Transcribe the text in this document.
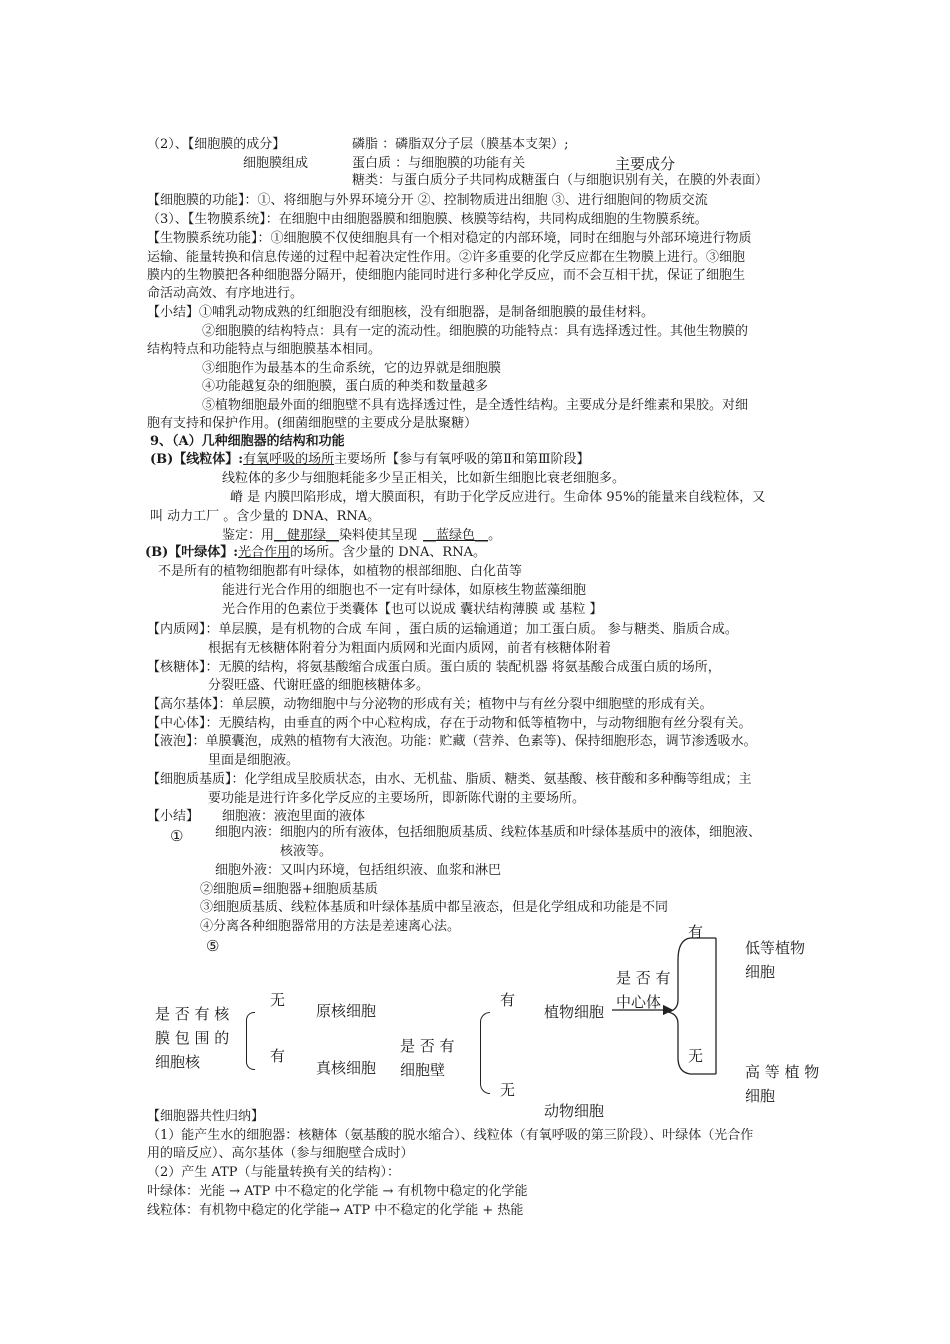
（2）、【细胞膜的成分】	磷脂 ：磷脂双分子层（膜基本支架）;
细胞膜组成	蛋白质 ：与细胞膜的功能有关	主要成分
糖类：与蛋白质分子共同构成糖蛋白（与细胞识别有关，在膜的外表面）
【细胞膜的功能】：①、将细胞与外界环境分开 ②、控制物质进出细胞 ③、进行细胞间的物质交流
（3）、【生物膜系统】：在细胞中由细胞器膜和细胞膜、核膜等结构，共同构成细胞的生物膜系统。
【生物膜系统功能】：①细胞膜不仅使细胞具有一个相对稳定的内部环境，同时在细胞与外部环境进行物质
运输、能量转换和信息传递的过程中起着决定性作用。②许多重要的化学反应都在生物膜上进行。③细胞
膜内的生物膜把各种细胞器分隔开，使细胞内能同时进行多种化学反应，而不会互相干扰，保证了细胞生
命活动高效、有序地进行。
【小结】①哺乳动物成熟的红细胞没有细胞核，没有细胞器，是制备细胞膜的最佳材料。
②细胞膜的结构特点：具有一定的流动性。细胞膜的功能特点：具有选择透过性。其他生物膜的
结构特点和功能特点与细胞膜基本相同。
③细胞作为最基本的生命系统，它的边界就是细胞膜
④功能越复杂的细胞膜，蛋白质的种类和数量越多
⑤植物细胞最外面的细胞壁不具有选择透过性，是全透性结构。主要成分是纤维素和果胶。对细
胞有支持和保护作用。(细菌细胞壁的主要成分是肽聚糖）
9、（A）几种细胞器的结构和功能
(B)【线粒体】:有氧呼吸的场所主要场所【参与有氧呼吸的第Ⅱ和第Ⅲ阶段】
线粒体的多少与细胞耗能多少呈正相关，比如新生细胞比衰老细胞多。
嵴 是 内膜凹陷形成，增大膜面积，有助于化学反应进行。生命体 95%的能量来自线粒体，又
叫 动力工厂 。含少量的 DNA、RNA。
鉴定：用__健那绿__染料使其呈现 __蓝绿色__。
(B)【叶绿体】:光合作用的场所。含少量的 DNA、RNA。
不是所有的植物细胞都有叶绿体，如植物的根部细胞、白化苗等
能进行光合作用的细胞也不一定有叶绿体，如原核生物蓝藻细胞
光合作用的色素位于类囊体【也可以说成 囊状结构薄膜 或 基粒 】
【内质网】：单层膜，是有机物的合成 车间 ，蛋白质的运输通道；加工蛋白质。 参与糖类、脂质合成。
根据有无核糖体附着分为粗面内质网和光面内质网，前者有核糖体附着
【核糖体】：无膜的结构，将氨基酸缩合成蛋白质。蛋白质的 装配机器 将氨基酸合成蛋白质的场所，
分裂旺盛、代谢旺盛的细胞核糖体多。
【高尔基体】：单层膜，动物细胞中与分泌物的形成有关；植物中与有丝分裂中细胞壁的形成有关。
【中心体】：无膜结构，由垂直的两个中心粒构成，存在于动物和低等植物中，与动物细胞有丝分裂有关。
【液泡】：单膜囊泡，成熟的植物有大液泡。功能：贮藏（营养、色素等)、保持细胞形态，调节渗透吸水。
里面是细胞液。
【细胞质基质】：化学组成呈胶质状态，由水、无机盐、脂质、糖类、氨基酸、核苷酸和多种酶等组成；主
要功能是进行许多化学反应的主要场所，即新陈代谢的主要场所。
【小结】 细胞液：液泡里面的液体
① 细胞内液：细胞内的所有液体，包括细胞质基质、线粒体基质和叶绿体基质中的液体，细胞液、
核液等。
细胞外液：又叫内环境，包括组织液、血浆和淋巴
②细胞质=细胞器+细胞质基质
③细胞质基质、线粒体基质和叶绿体基质中都呈液态，但是化学组成和功能是不同
④分离各种细胞器常用的方法是差速离心法。
⑤
是 否 有 核
膜 包 围 的
细胞核
无
原核细胞
有
真核细胞
是 否 有
细胞壁
有
植物细胞
无
动物细胞
是 否 有
中心体
有
无
低等植物
细胞
高 等 植 物
细胞
【细胞器共性归纳】
（1）能产生水的细胞器：核糖体（氨基酸的脱水缩合）、线粒体（有氧呼吸的第三阶段）、叶绿体（光合作
用的暗反应）、高尔基体（参与细胞壁合成时）
（2）产生 ATP（与能量转换有关的结构）：
叶绿体：光能 → ATP 中不稳定的化学能 → 有机物中稳定的化学能
线粒体：有机物中稳定的化学能→ ATP 中不稳定的化学能 + 热能
